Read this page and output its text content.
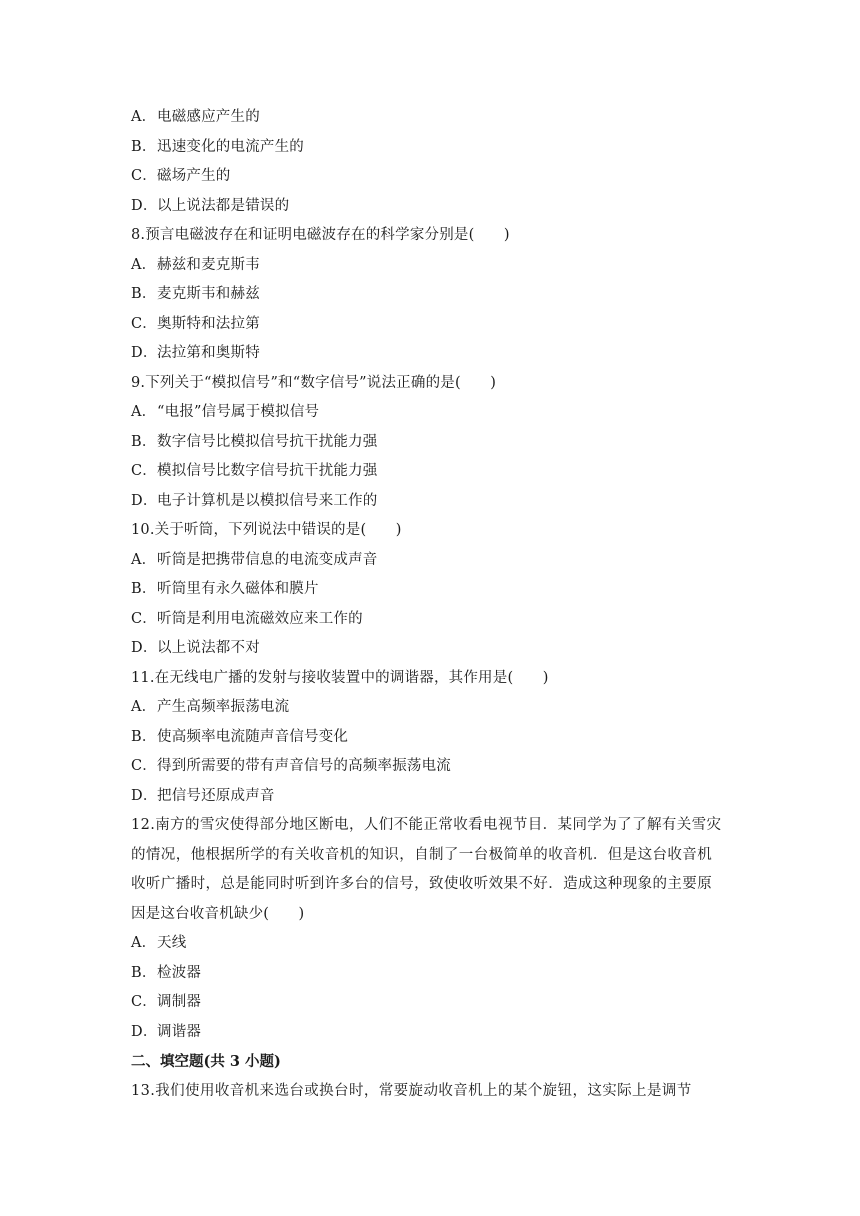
A．电磁感应产生的
B．迅速变化的电流产生的
C．磁场产生的
D．以上说法都是错误的
8.预言电磁波存在和证明电磁波存在的科学家分别是(　　)
A．赫兹和麦克斯韦
B．麦克斯韦和赫兹
C．奥斯特和法拉第
D．法拉第和奥斯特
9.下列关于“模拟信号”和“数字信号”说法正确的是(　　)
A．“电报”信号属于模拟信号
B．数字信号比模拟信号抗干扰能力强
C．模拟信号比数字信号抗干扰能力强
D．电子计算机是以模拟信号来工作的
10.关于听筒，下列说法中错误的是(　　)
A．听筒是把携带信息的电流变成声音
B．听筒里有永久磁体和膜片
C．听筒是利用电流磁效应来工作的
D．以上说法都不对
11.在无线电广播的发射与接收装置中的调谐器，其作用是(　　)
A．产生高频率振荡电流
B．使高频率电流随声音信号变化
C．得到所需要的带有声音信号的高频率振荡电流
D．把信号还原成声音
12.南方的雪灾使得部分地区断电，人们不能正常收看电视节目．某同学为了了解有关雪灾
的情况，他根据所学的有关收音机的知识，自制了一台极简单的收音机．但是这台收音机
收听广播时，总是能同时听到许多台的信号，致使收听效果不好．造成这种现象的主要原
因是这台收音机缺少(　　)
A．天线
B．检波器
C．调制器
D．调谐器
二、填空题(共 3 小题)
13.我们使用收音机来选台或换台时，常要旋动收音机上的某个旋钮，这实际上是调节
